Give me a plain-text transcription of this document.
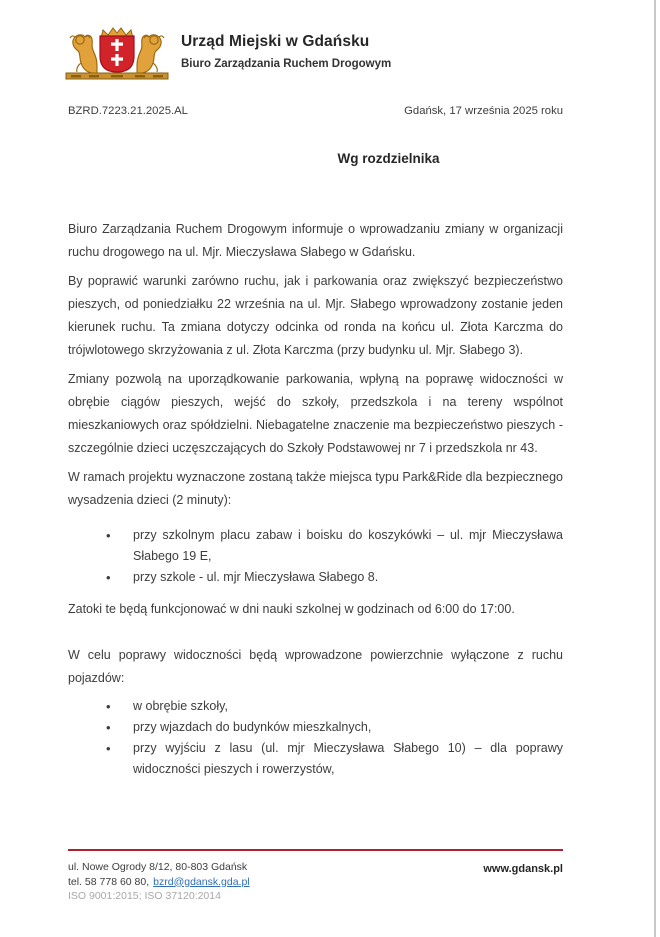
Urząd Miejski w Gdańsku
Biuro Zarządzania Ruchem Drogowym
BZRD.7223.21.2025.AL	Gdańsk, 17 września 2025 roku
Wg rozdzielnika

Biuro Zarządzania Ruchem Drogowym informuje o wprowadzaniu zmiany w organizacji ruchu drogowego na ul. Mjr. Mieczysława Słabego w Gdańsku.

By poprawić warunki zarówno ruchu, jak i parkowania oraz zwiększyć bezpieczeństwo pieszych, od poniedziałku 22 września na ul. Mjr. Słabego wprowadzony zostanie jeden kierunek ruchu. Ta zmiana dotyczy odcinka od ronda na końcu ul. Złota Karczma do trójwlotowego skrzyżowania z ul. Złota Karczma (przy budynku ul. Mjr. Słabego 3).

Zmiany pozwolą na uporządkowanie parkowania, wpłyną na poprawę widoczności w obrębie ciągów pieszych, wejść do szkoły, przedszkola i na tereny wspólnot mieszkaniowych oraz spółdzielni. Niebagatelne znaczenie ma bezpieczeństwo pieszych - szczególnie dzieci uczęszczających do Szkoły Podstawowej nr 7 i przedszkola nr 43.

W ramach projektu wyznaczone zostaną także miejsca typu Park&Ride dla bezpiecznego wysadzenia dzieci (2 minuty):

• przy szkolnym placu zabaw i boisku do koszykówki – ul. mjr Mieczysława Słabego 19 E,
• przy szkole - ul. mjr Mieczysława Słabego 8.

Zatoki te będą funkcjonować w dni nauki szkolnej w godzinach od 6:00 do 17:00.

W celu poprawy widoczności będą wprowadzone powierzchnie wyłączone z ruchu pojazdów:

• w obrębie szkoły,
• przy wjazdach do budynków mieszkalnych,
• przy wyjściu z lasu (ul. mjr Mieczysława Słabego 10) – dla poprawy widoczności pieszych i rowerzystów,
ul. Nowe Ogrody 8/12, 80-803 Gdańsk
tel. 58 778 60 80, bzrd@gdansk.gda.pl
ISO 9001:2015; ISO 37120:2014
www.gdansk.pl
